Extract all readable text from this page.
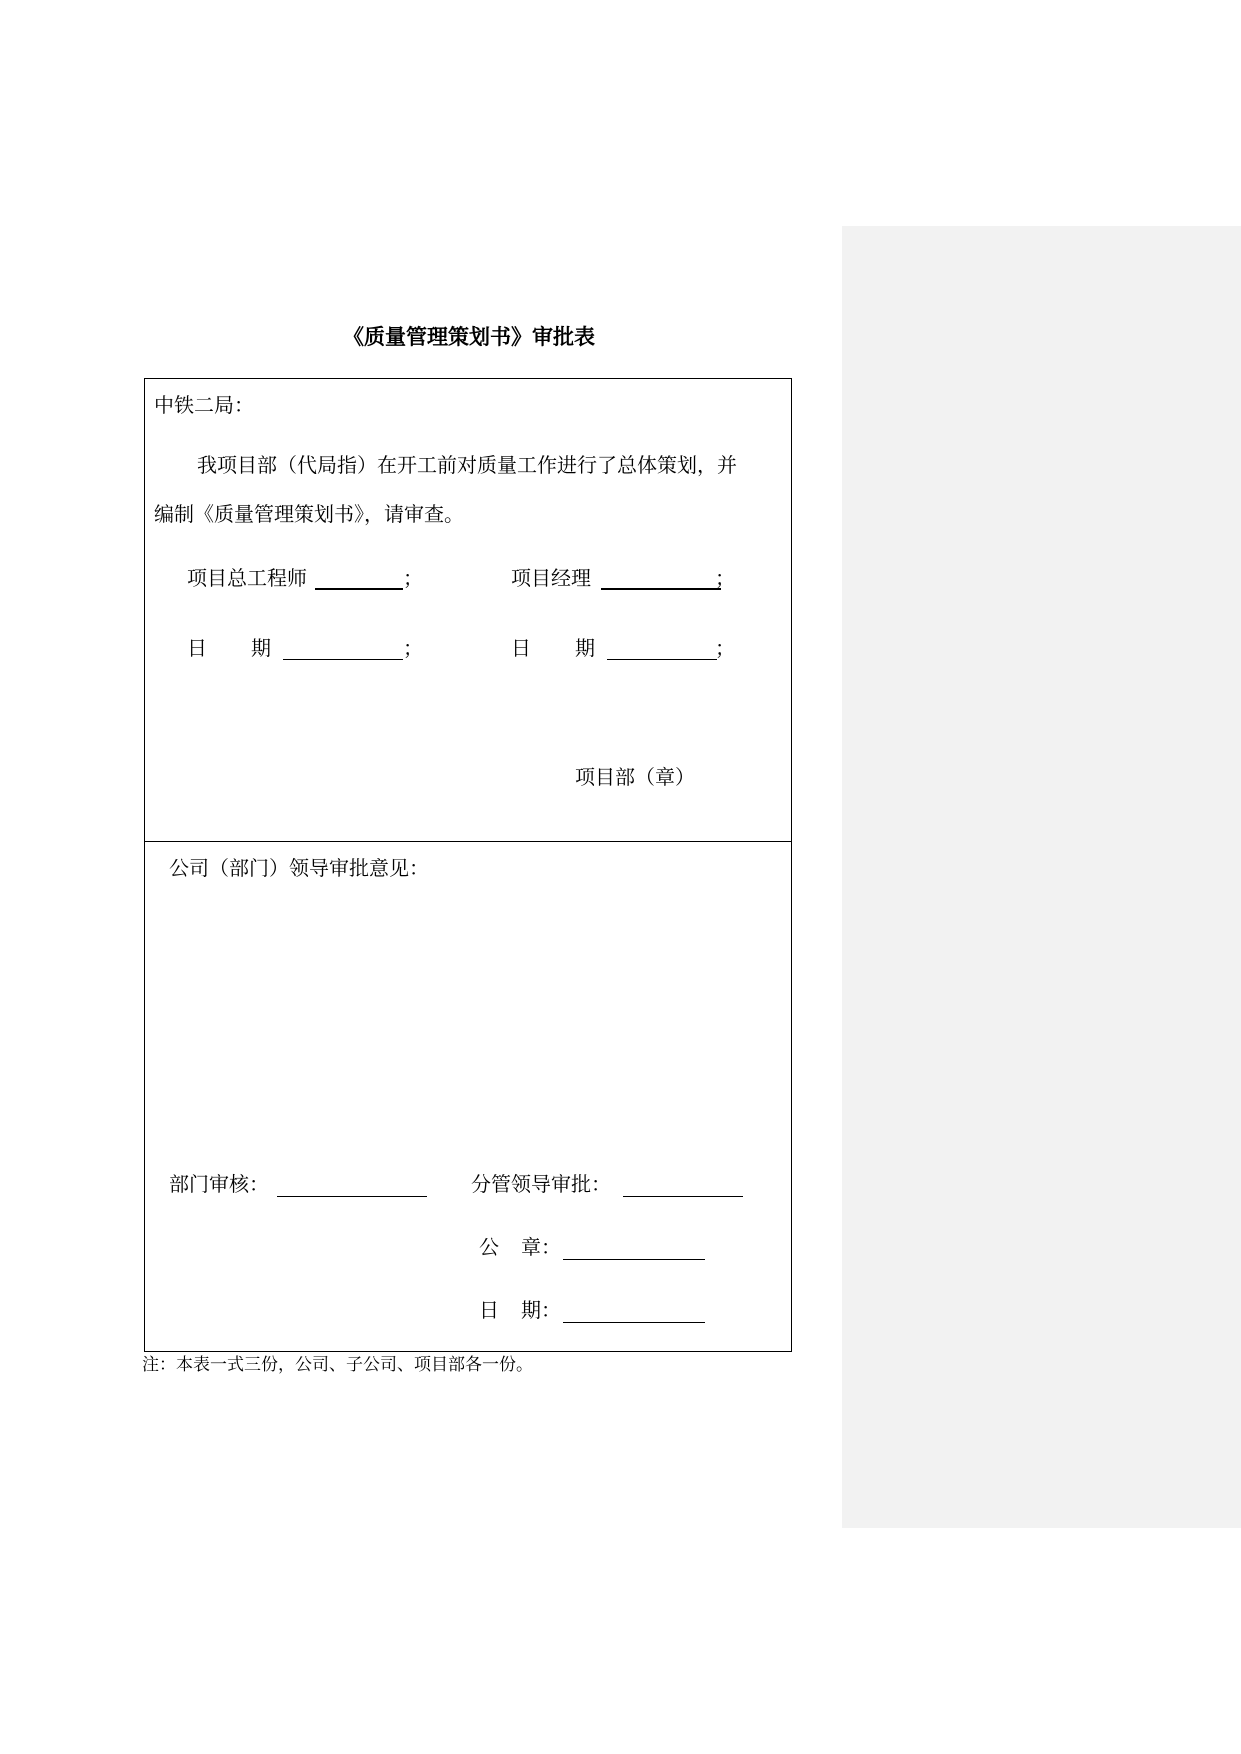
《质量管理策划书》审批表
中铁二局：
我项目部（代局指）在开工前对质量工作进行了总体策划，并
编制《质量管理策划书》，请审查。
项目总工程师	；	项目经理	；
日 期	；	日 期	；
项目部（章）
公司（部门）领导审批意见：
部门审核：	分管领导审批：
公 章：
日 期：
注：本表一式三份，公司、子公司、项目部各一份。
